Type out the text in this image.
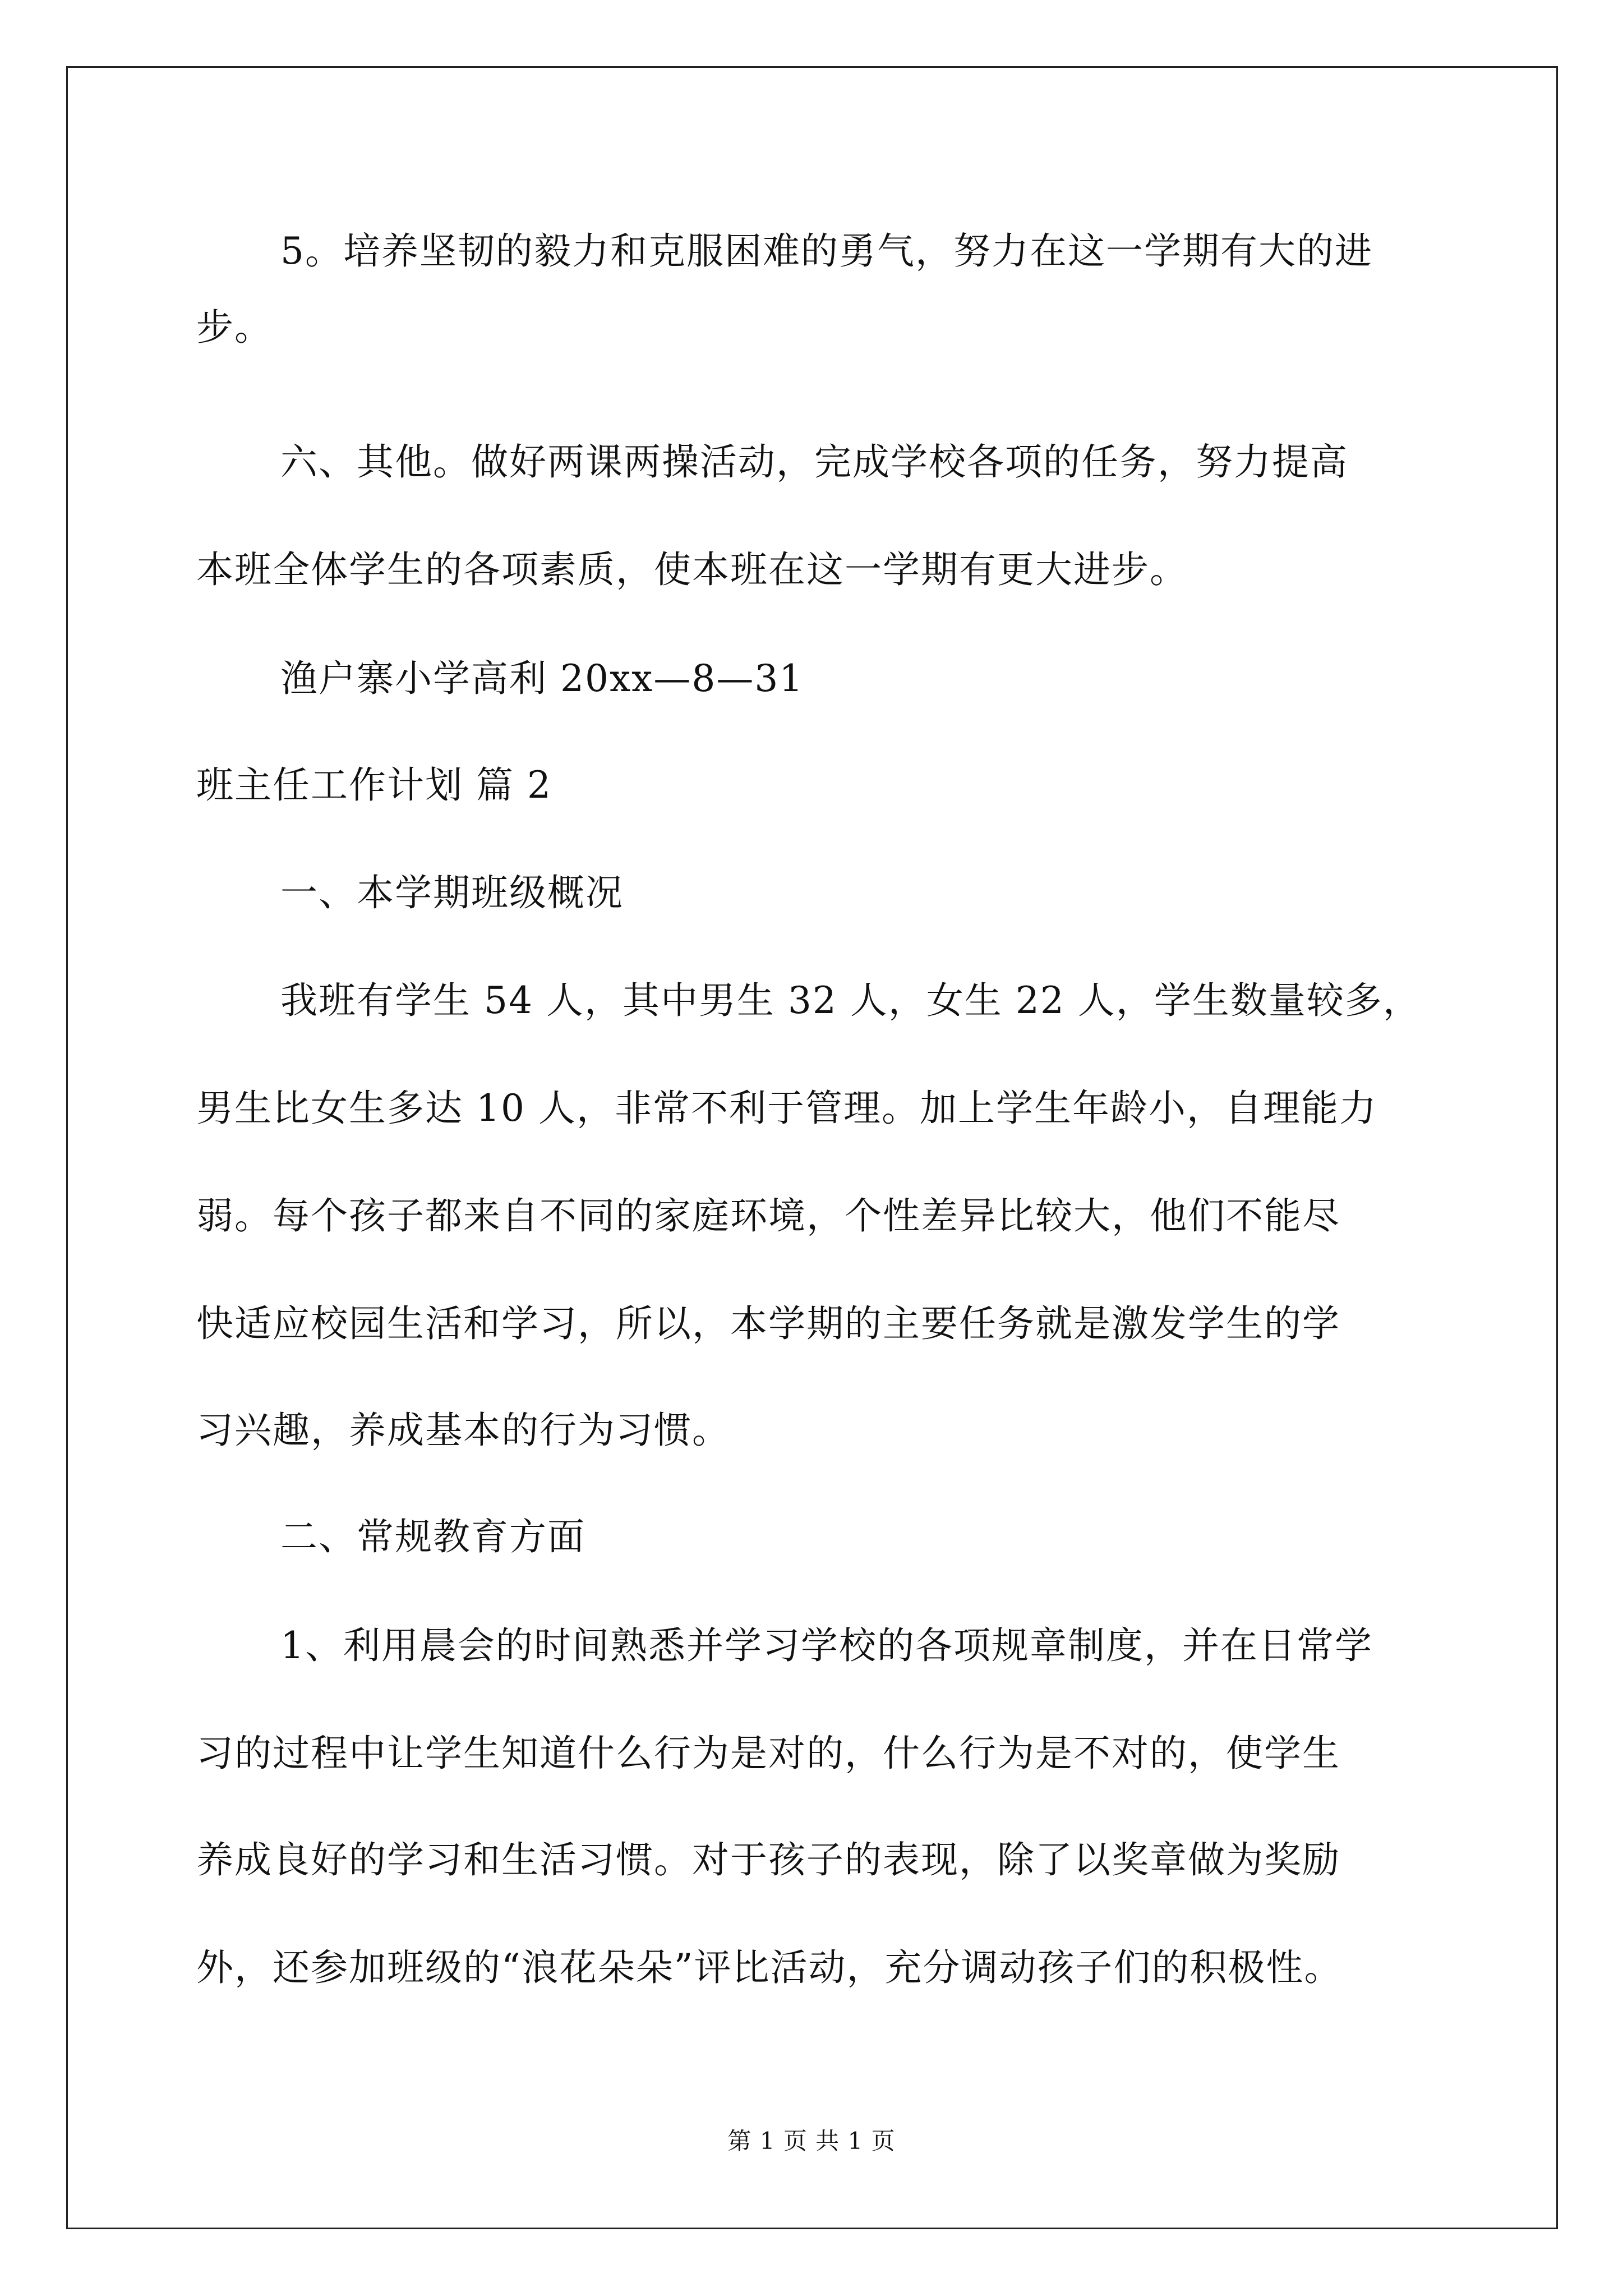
5。培养坚韧的毅力和克服困难的勇气，努力在这一学期有大的进
步。
六、其他。做好两课两操活动，完成学校各项的任务，努力提高
本班全体学生的各项素质，使本班在这一学期有更大进步。
渔户寨小学高利 20xx—8—31
班主任工作计划 篇 2
一、本学期班级概况
我班有学生 54 人，其中男生 32 人，女生 22 人，学生数量较多，
男生比女生多达 10 人，非常不利于管理。加上学生年龄小，自理能力
弱。每个孩子都来自不同的家庭环境，个性差异比较大，他们不能尽
快适应校园生活和学习，所以，本学期的主要任务就是激发学生的学
习兴趣，养成基本的行为习惯。
二、常规教育方面
1、利用晨会的时间熟悉并学习学校的各项规章制度，并在日常学
习的过程中让学生知道什么行为是对的，什么行为是不对的，使学生
养成良好的学习和生活习惯。对于孩子的表现，除了以奖章做为奖励
外，还参加班级的“浪花朵朵”评比活动，充分调动孩子们的积极性。
第 1 页 共 1 页
